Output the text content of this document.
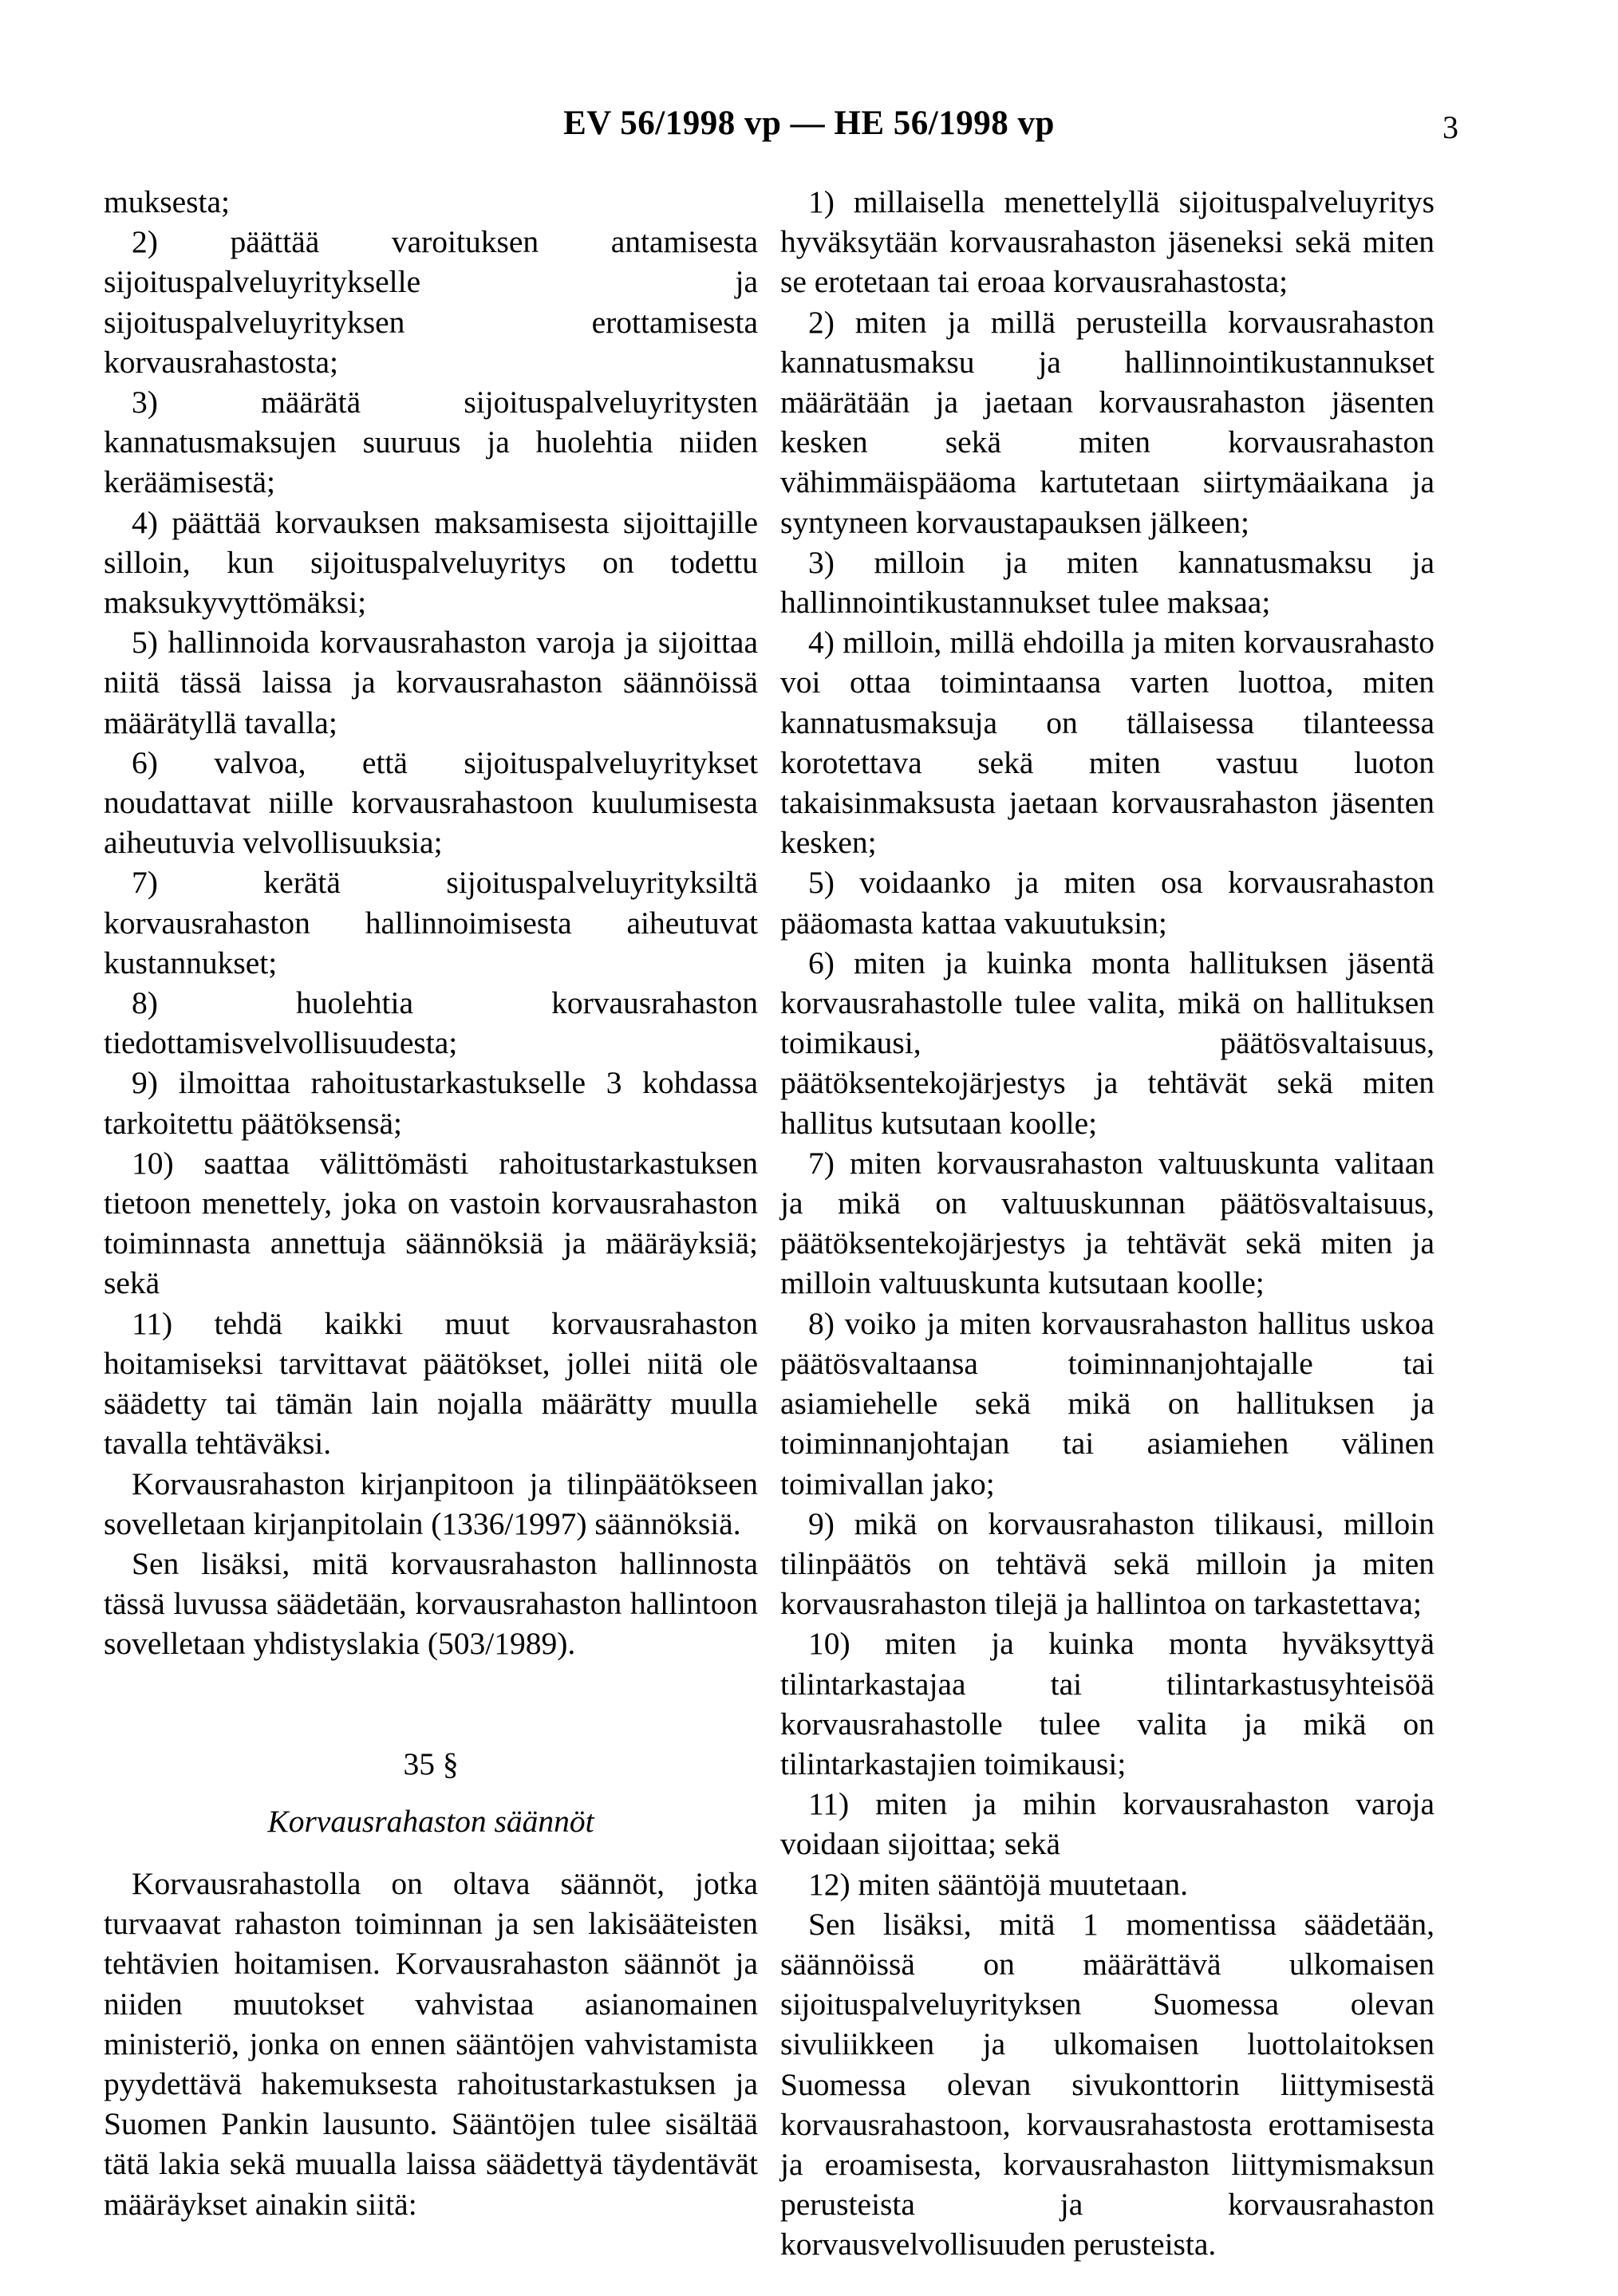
EV 56/1998 vp — HE 56/1998 vp	3

muksesta;

2) päättää varoituksen antamisesta sijoituspalveluyritykselle ja sijoituspalveluyrityksen erottamisesta korvausrahastosta;

3) määrätä sijoituspalveluyritysten kannatusmaksujen suuruus ja huolehtia niiden keräämisestä;

4) päättää korvauksen maksamisesta sijoittajille silloin, kun sijoituspalveluyritys on todettu maksukyvyttömäksi;

5) hallinnoida korvausrahaston varoja ja sijoittaa niitä tässä laissa ja korvausrahaston säännöissä määrätyllä tavalla;

6) valvoa, että sijoituspalveluyritykset noudattavat niille korvausrahastoon kuulumisesta aiheutuvia velvollisuuksia;

7) kerätä sijoituspalveluyrityksiltä korvausrahaston hallinnoimisesta aiheutuvat kustannukset;

8) huolehtia korvausrahaston tiedottamisvelvollisuudesta;

9) ilmoittaa rahoitustarkastukselle 3 kohdassa tarkoitettu päätöksensä;

10) saattaa välittömästi rahoitustarkastuksen tietoon menettely, joka on vastoin korvausrahaston toiminnasta annettuja säännöksiä ja määräyksiä; sekä

11) tehdä kaikki muut korvausrahaston hoitamiseksi tarvittavat päätökset, jollei niitä ole säädetty tai tämän lain nojalla määrätty muulla tavalla tehtäväksi.

Korvausrahaston kirjanpitoon ja tilinpäätökseen sovelletaan kirjanpitolain (1336/1997) säännöksiä.

Sen lisäksi, mitä korvausrahaston hallinnosta tässä luvussa säädetään, korvausrahaston hallintoon sovelletaan yhdistyslakia (503/1989).

35 §
Korvausrahaston säännöt

Korvausrahastolla on oltava säännöt, jotka turvaavat rahaston toiminnan ja sen lakisääteisten tehtävien hoitamisen. Korvausrahaston säännöt ja niiden muutokset vahvistaa asianomainen ministeriö, jonka on ennen sääntöjen vahvistamista pyydettävä hakemuksesta rahoitustarkastuksen ja Suomen Pankin lausunto. Sääntöjen tulee sisältää tätä lakia sekä muualla laissa säädettyä täydentävät määräykset ainakin siitä:

1) millaisella menettelyllä sijoituspalveluyritys hyväksytään korvausrahaston jäseneksi sekä miten se erotetaan tai eroaa korvausrahastosta;

2) miten ja millä perusteilla korvausrahaston kannatusmaksu ja hallinnointikustannukset määrätään ja jaetaan korvausrahaston jäsenten kesken sekä miten korvausrahaston vähimmäispääoma kartutetaan siirtymäaikana ja syntyneen korvaustapauksen jälkeen;

3) milloin ja miten kannatusmaksu ja hallinnointikustannukset tulee maksaa;

4) milloin, millä ehdoilla ja miten korvausrahasto voi ottaa toimintaansa varten luottoa, miten kannatusmaksuja on tällaisessa tilanteessa korotettava sekä miten vastuu luoton takaisinmaksusta jaetaan korvausrahaston jäsenten kesken;

5) voidaanko ja miten osa korvausrahaston pääomasta kattaa vakuutuksin;

6) miten ja kuinka monta hallituksen jäsentä korvausrahastolle tulee valita, mikä on hallituksen toimikausi, päätösvaltaisuus, päätöksentekojärjestys ja tehtävät sekä miten hallitus kutsutaan koolle;

7) miten korvausrahaston valtuuskunta valitaan ja mikä on valtuuskunnan päätösvaltaisuus, päätöksentekojärjestys ja tehtävät sekä miten ja milloin valtuuskunta kutsutaan koolle;

8) voiko ja miten korvausrahaston hallitus uskoa päätösvaltaansa toiminnanjohtajalle tai asiamiehelle sekä mikä on hallituksen ja toiminnanjohtajan tai asiamiehen välinen toimivallan jako;

9) mikä on korvausrahaston tilikausi, milloin tilinpäätös on tehtävä sekä milloin ja miten korvausrahaston tilejä ja hallintoa on tarkastettava;

10) miten ja kuinka monta hyväksyttyä tilintarkastajaa tai tilintarkastusyhteisöä korvausrahastolle tulee valita ja mikä on tilintarkastajien toimikausi;

11) miten ja mihin korvausrahaston varoja voidaan sijoittaa; sekä

12) miten sääntöjä muutetaan.

Sen lisäksi, mitä 1 momentissa säädetään, säännöissä on määrättävä ulkomaisen sijoituspalveluyrityksen Suomessa olevan sivuliikkeen ja ulkomaisen luottolaitoksen Suomessa olevan sivukonttorin liittymisestä korvausrahastoon, korvausrahastosta erottamisesta ja eroamisesta, korvausrahaston liittymismaksun perusteista ja korvausrahaston korvausvelvollisuuden perusteista.
